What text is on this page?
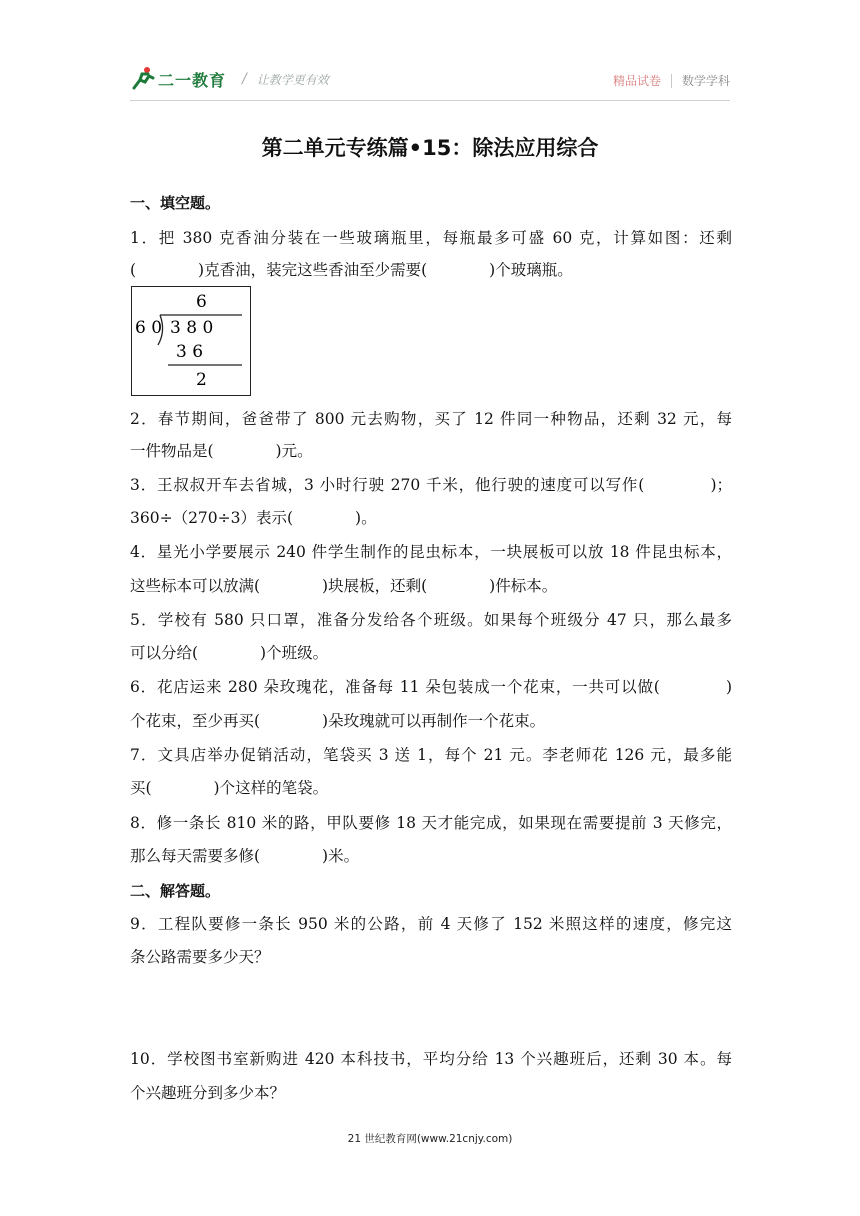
二一教育 / 让教学更有效	精品试卷 数学学科
第二单元专练篇•15：除法应用综合
一、填空题。
1．把 380 克香油分装在一些玻璃瓶里，每瓶最多可盛 60 克，计算如图：还剩
(　　　　)克香油，装完这些香油至少需要(　　　　)个玻璃瓶。
6
6 0 3 8 0
3 6
2
2．春节期间，爸爸带了 800 元去购物，买了 12 件同一种物品，还剩 32 元，每
一件物品是(　　　　)元。
3．王叔叔开车去省城，3 小时行驶 270 千米，他行驶的速度可以写作(　　　　)；
360÷（270÷3）表示(　　　　)。
4．星光小学要展示 240 件学生制作的昆虫标本，一块展板可以放 18 件昆虫标本，
这些标本可以放满(　　　　)块展板，还剩(　　　　)件标本。
5．学校有 580 只口罩，准备分发给各个班级。如果每个班级分 47 只，那么最多
可以分给(　　　　)个班级。
6．花店运来 280 朵玫瑰花，准备每 11 朵包装成一个花束，一共可以做(　　　　)
个花束，至少再买(　　　　)朵玫瑰就可以再制作一个花束。
7．文具店举办促销活动，笔袋买 3 送 1，每个 21 元。李老师花 126 元，最多能
买(　　　　)个这样的笔袋。
8．修一条长 810 米的路，甲队要修 18 天才能完成，如果现在需要提前 3 天修完，
那么每天需要多修(　　　　)米。
二、解答题。
9．工程队要修一条长 950 米的公路，前 4 天修了 152 米照这样的速度，修完这
条公路需要多少天？
10．学校图书室新购进 420 本科技书，平均分给 13 个兴趣班后，还剩 30 本。每
个兴趣班分到多少本？
21 世纪教育网(www.21cnjy.com)
